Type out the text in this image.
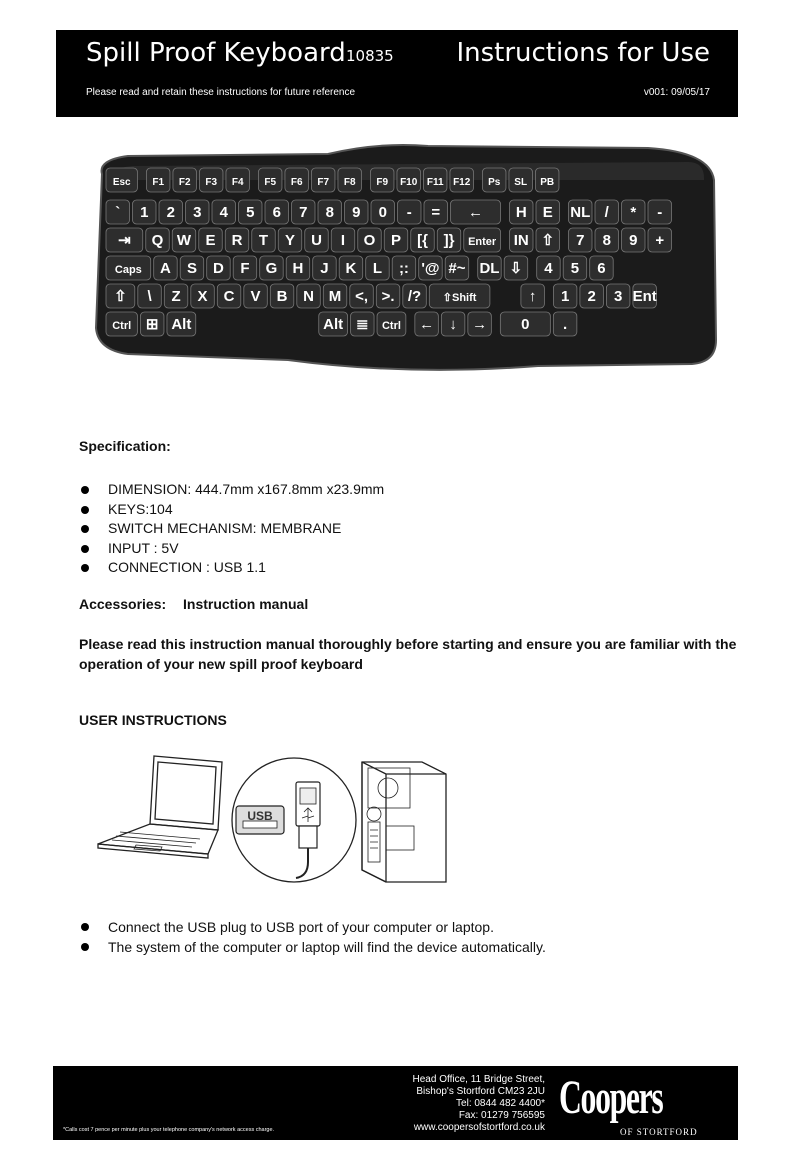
Spill Proof Keyboard 10835 Instructions for Use
Please read and retain these instructions for future reference	v001: 09/05/17
Esc F1 F2 F3 F4 F5 F6 F7 F8 F9 F10 F11 F12 Ps SL PB
` 1 2 3 4 5 6 7 8 9 0 - = ← H E NL / * -
⇥ Q W E R T Y U I O P [{ ]} Enter IN ⇧ 7 8 9 +
Caps A S D F G H J K L ;: '@ #~ DL ⇩ 4 5 6
⇧ \ Z X C V B N M <, >. /? ⇧Shift	↑ 1 2 3 Ent
Ctrl ⊞ Alt	Alt ≣ Ctrl ← ↓ → 0 .

Specification:

DIMENSION: 444.7mm x167.8mm x23.9mm
KEYS:104
SWITCH MECHANISM: MEMBRANE
INPUT : 5V
CONNECTION : USB 1.1
Accessories: Instruction manual
Please read this instruction manual thoroughly before starting and ensure you are familiar with the operation of your new spill proof keyboard
USER INSTRUCTIONS
USB
Connect the USB plug to USB port of your computer or laptop.
The system of the computer or laptop will find the device automatically.
*Calls cost 7 pence per minute plus your telephone company's network access charge.
Head Office, 11 Bridge Street,
Bishop's Stortford CM23 2JU
Tel: 0844 482 4400*
Fax: 01279 756595
www.coopersofstortford.co.uk
Coopers
OF STORTFORD
